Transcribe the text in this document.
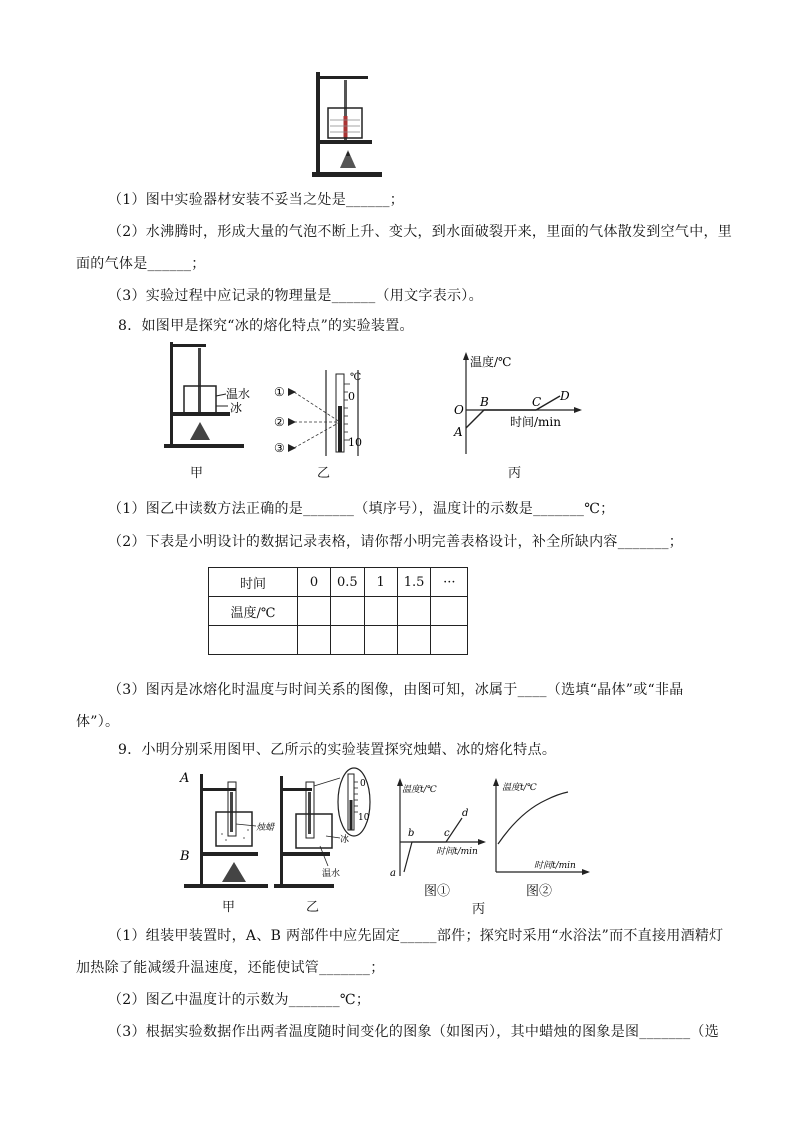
（1）图中实验器材安装不妥当之处是______；
（2）水沸腾时，形成大量的气泡不断上升、变大，到水面破裂开来，里面的气体散发到空气中，里
面的气体是______；
（3）实验过程中应记录的物理量是______（用文字表示）。
8．如图甲是探究“冰的熔化特点”的实验装置。
温水
冰
甲
℃
0
10
①
②
③
乙
温度/℃
时间/min
O
A
B	C D
丙
（1）图乙中读数方法正确的是_______（填序号），温度计的示数是_______℃；
（2）下表是小明设计的数据记录表格，请你帮小明完善表格设计，补全所缺内容_______；
时间	0	0.5	1	1.5	···
温度/℃					

（3）图丙是冰熔化时温度与时间关系的图像，由图可知，冰属于____（选填“晶体”或“非晶
体”）。
9．小明分别采用图甲、乙所示的实验装置探究烛蜡、冰的熔化特点。
A
B
烛蜡
甲
0
10
冰
温水
乙
温度t/℃
时间t/min
a
b	c
d
图①
温度t/℃
时间t/min
图②
丙
（1）组装甲装置时，A、B 两部件中应先固定_____部件；探究时采用“水浴法”而不直接用酒精灯
加热除了能减缓升温速度，还能使试管_______；
（2）图乙中温度计的示数为_______℃；
（3）根据实验数据作出两者温度随时间变化的图象（如图丙），其中蜡烛的图象是图_______（选
